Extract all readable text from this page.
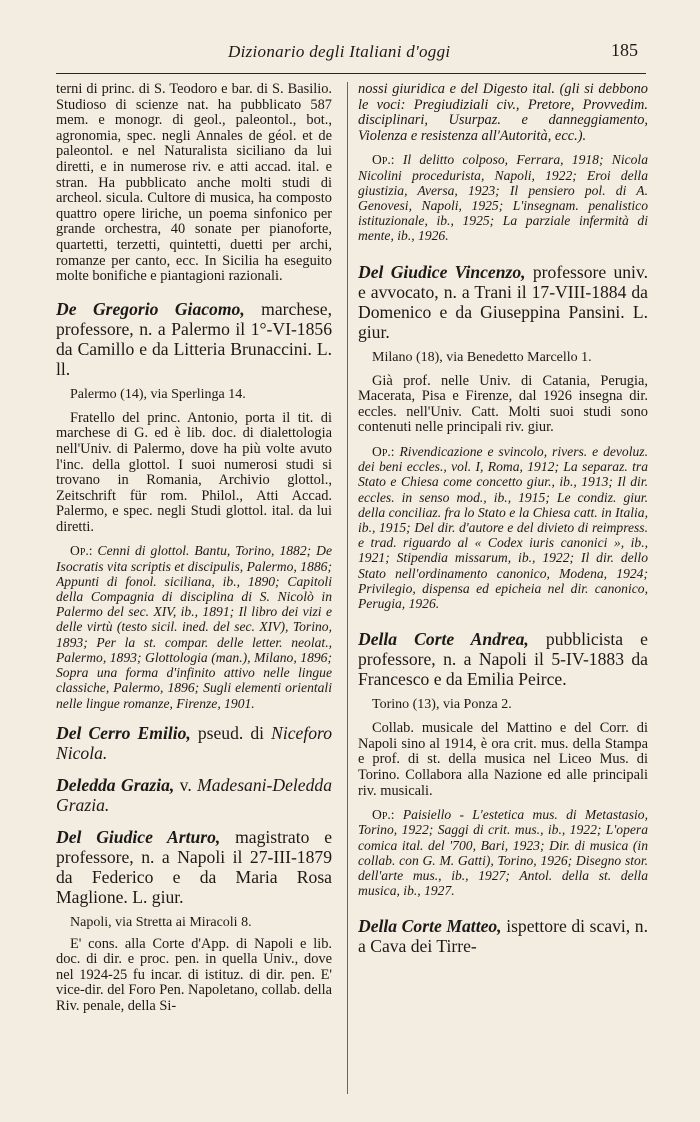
Dizionario degli Italiani d'oggi	185

terni di princ. di S. Teodoro e bar. di S. Basilio. Studioso di scienze nat. ha pubblicato 587 mem. e monogr. di geol., paleontol., bot., agronomia, spec. negli Annales de géol. et de paleontol. e nel Naturalista siciliano da lui diretti, e in numerose riv. e atti accad. ital. e stran. Ha pubblicato anche molti studi di archeol. sicula. Cultore di musica, ha composto quattro opere liriche, un poema sinfonico per grande orchestra, 40 sonate per pianoforte, quartetti, terzetti, quintetti, duetti per archi, romanze per canto, ecc. In Sicilia ha eseguito molte bonifiche e piantagioni razionali.

De Gregorio Giacomo, marchese, professore, n. a Palermo il 1°-VI-1856 da Camillo e da Litteria Brunaccini. L. ll.

Palermo (14), via Sperlinga 14.

Fratello del princ. Antonio, porta il tit. di marchese di G. ed è lib. doc. di dialettologia nell'Univ. di Palermo, dove ha più volte avuto l'inc. della glottol. I suoi numerosi studi si trovano in Romania, Archivio glottol., Zeitschrift für rom. Philol., Atti Accad. Palermo, e spec. negli Studi glottol. ital. da lui diretti.

Op.: Cenni di glottol. Bantu, Torino, 1882; De Isocratis vita scriptis et discipulis, Palermo, 1886; Appunti di fonol. siciliana, ib., 1890; Capitoli della Compagnia di disciplina di S. Nicolò in Palermo del sec. XIV, ib., 1891; Il libro dei vizi e delle virtù (testo sicil. ined. del sec. XIV), Torino, 1893; Per la st. compar. delle letter. neolat., Palermo, 1893; Glottologia (man.), Milano, 1896; Sopra una forma d'infinito attivo nelle lingue classiche, Palermo, 1896; Sugli elementi orientali nelle lingue romanze, Firenze, 1901.

Del Cerro Emilio, pseud. di Niceforo Nicola.

Deledda Grazia, v. Madesani-Deledda Grazia.

Del Giudice Arturo, magistrato e professore, n. a Napoli il 27-III-1879 da Federico e da Maria Rosa Maglione. L. giur.

Napoli, via Stretta ai Miracoli 8.

E' cons. alla Corte d'App. di Napoli e lib. doc. di dir. e proc. pen. in quella Univ., dove nel 1924-25 fu incar. di istituz. di dir. pen. E' vice-dir. del Foro Pen. Napoletano, collab. della Riv. penale, della Si-

nossi giuridica e del Digesto ital. (gli si debbono le voci: Pregiudiziali civ., Pretore, Provvedim. disciplinari, Usurpaz. e danneggiamento, Violenza e resistenza all'Autorità, ecc.).

Op.: Il delitto colposo, Ferrara, 1918; Nicola Nicolini procedurista, Napoli, 1922; Eroi della giustizia, Aversa, 1923; Il pensiero pol. di A. Genovesi, Napoli, 1925; L'insegnam. penalistico istituzionale, ib., 1925; La parziale infermità di mente, ib., 1926.

Del Giudice Vincenzo, professore univ. e avvocato, n. a Trani il 17-VIII-1884 da Domenico e da Giuseppina Pansini. L. giur.

Milano (18), via Benedetto Marcello 1.

Già prof. nelle Univ. di Catania, Perugia, Macerata, Pisa e Firenze, dal 1926 insegna dir. eccles. nell'Univ. Catt. Molti suoi studi sono contenuti nelle principali riv. giur.

Op.: Rivendicazione e svincolo, rivers. e devoluz. dei beni eccles., vol. I, Roma, 1912; La separaz. tra Stato e Chiesa come concetto giur., ib., 1913; Il dir. eccles. in senso mod., ib., 1915; Le condiz. giur. della conciliaz. fra lo Stato e la Chiesa catt. in Italia, ib., 1915; Del dir. d'autore e del divieto di reimpress. e trad. riguardo al « Codex iuris canonici », ib., 1921; Stipendia missarum, ib., 1922; Il dir. dello Stato nell'ordinamento canonico, Modena, 1924; Privilegio, dispensa ed epicheia nel dir. canonico, Perugia, 1926.

Della Corte Andrea, pubblicista e professore, n. a Napoli il 5-IV-1883 da Francesco e da Emilia Peirce.

Torino (13), via Ponza 2.

Collab. musicale del Mattino e del Corr. di Napoli sino al 1914, è ora crit. mus. della Stampa e prof. di st. della musica nel Liceo Mus. di Torino. Collabora alla Nazione ed alle principali riv. musicali.

Op.: Paisiello - L'estetica mus. di Metastasio, Torino, 1922; Saggi di crit. mus., ib., 1922; L'opera comica ital. del '700, Bari, 1923; Dir. di musica (in collab. con G. M. Gatti), Torino, 1926; Disegno stor. dell'arte mus., ib., 1927; Antol. della st. della musica, ib., 1927.

Della Corte Matteo, ispettore di scavi, n. a Cava dei Tirre-
